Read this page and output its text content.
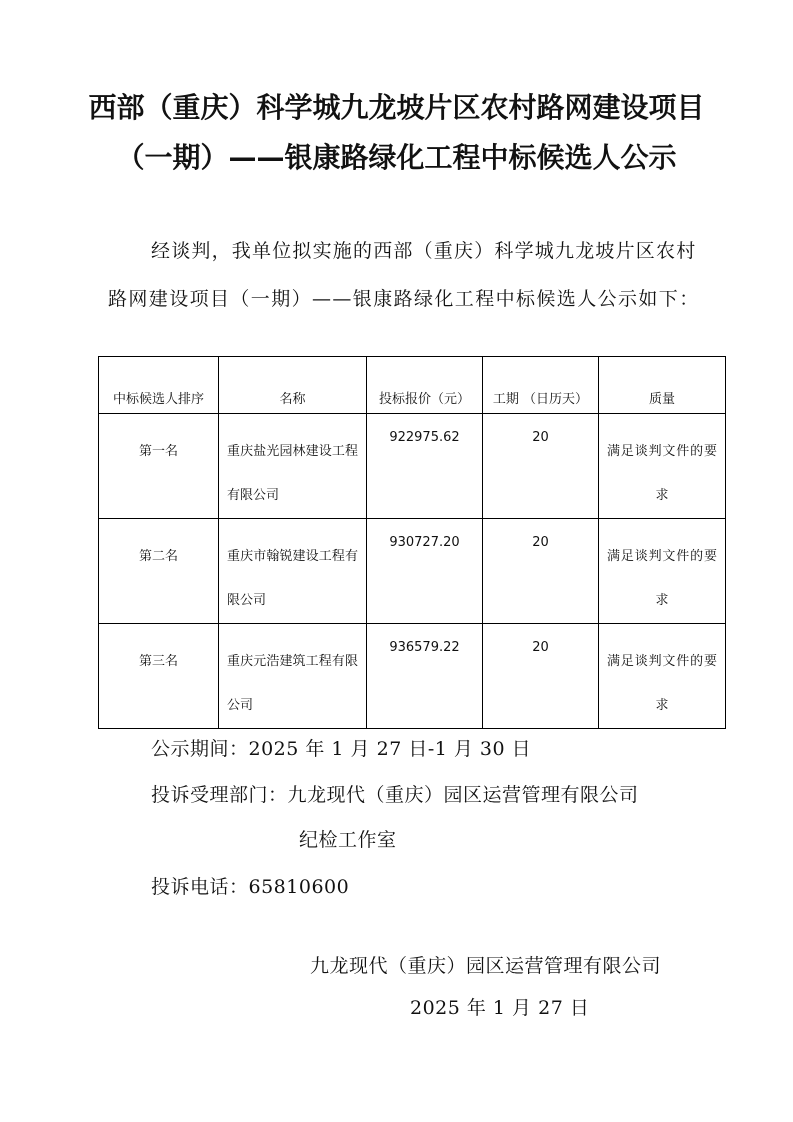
西部（重庆）科学城九龙坡片区农村路网建设项目
（一期）——银康路绿化工程中标候选人公示
经谈判，我单位拟实施的西部（重庆）科学城九龙坡片区农村
路网建设项目（一期）——银康路绿化工程中标候选人公示如下：
中标候选人排序	名称	投标报价（元）	工期 （日历天）	质量

第一名	重庆盐光园林建设工程有限公司	922975.62	20	满足谈判文件的要求

第二名	重庆市翰锐建设工程有限公司	930727.20	20	满足谈判文件的要求

第三名	重庆元浩建筑工程有限公司	936579.22	20	满足谈判文件的要求
公示期间：2025 年 1 月 27 日-1 月 30 日
投诉受理部门：九龙现代（重庆）园区运营管理有限公司
纪检工作室
投诉电话：65810600
九龙现代（重庆）园区运营管理有限公司
2025 年 1 月 27 日
